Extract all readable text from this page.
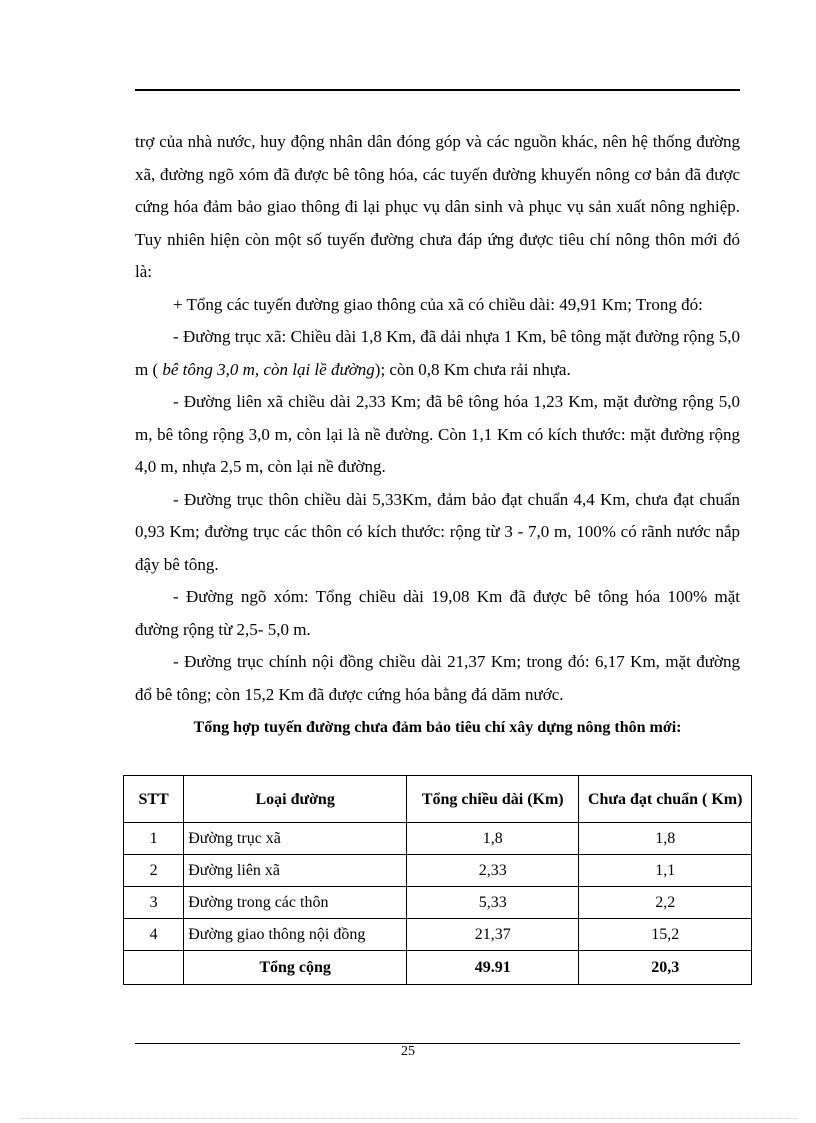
trợ của nhà nước, huy động nhân dân đóng góp và các nguồn khác, nên hệ thống đường xã, đường ngõ xóm đã được bê tông hóa, các tuyến đường khuyến nông cơ bản đã được cứng hóa đảm bảo giao thông đi lại phục vụ dân sinh và phục vụ sản xuất nông nghiệp. Tuy nhiên hiện còn một số tuyến đường chưa đáp ứng được tiêu chí nông thôn mới đó là:

+ Tổng các tuyến đường giao thông của xã có chiều dài: 49,91 Km; Trong đó:

- Đường trục xã: Chiều dài 1,8 Km, đã dải nhựa 1 Km, bê tông mặt đường rộng 5,0 m ( bê tông 3,0 m, còn lại lề đường); còn 0,8 Km chưa rải nhựa.

- Đường liên xã chiều dài 2,33 Km; đã bê tông hóa 1,23 Km, mặt đường rộng 5,0 m, bê tông rộng 3,0 m, còn lại là nề đường. Còn 1,1 Km có kích thước: mặt đường rộng 4,0 m, nhựa 2,5 m, còn lại nề đường.

- Đường trục thôn chiều dài 5,33Km, đảm bảo đạt chuẩn 4,4 Km, chưa đạt chuẩn 0,93 Km; đường trục các thôn có kích thước: rộng từ 3 - 7,0 m, 100% có rãnh nước nắp đậy bê tông.

- Đường ngõ xóm: Tổng chiều dài 19,08 Km đã được bê tông hóa 100% mặt đường rộng từ 2,5- 5,0 m.

- Đường trục chính nội đồng chiều dài 21,37 Km; trong đó: 6,17 Km, mặt đường đổ bê tông; còn 15,2 Km đã được cứng hóa bằng đá dăm nước.

Tổng hợp tuyến đường chưa đảm bảo tiêu chí xây dựng nông thôn mới:

STT	Loại đường	Tổng chiều dài (Km)	Chưa đạt chuẩn ( Km)
1	Đường trục xã	1,8	1,8
2	Đường liên xã	2,33	1,1
3	Đường trong các thôn	5,33	2,2
4	Đường giao thông nội đồng	21,37	15,2
	Tổng cộng	49.91	20,3
25
